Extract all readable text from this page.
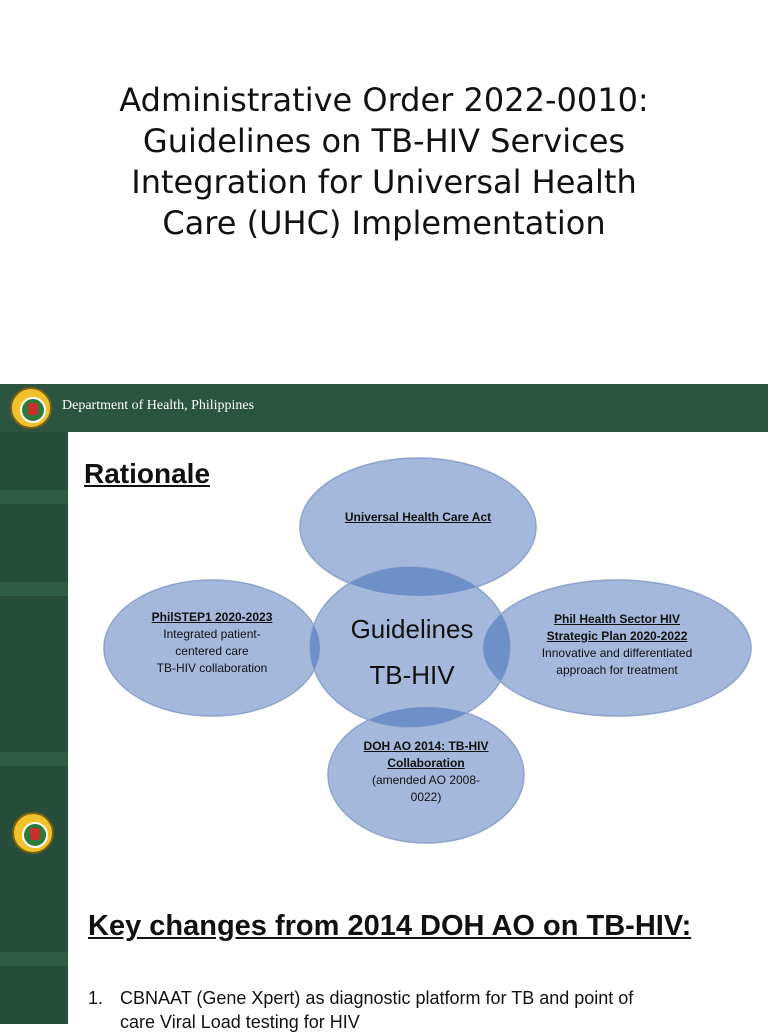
Administrative Order 2022-0010:
Guidelines on TB-HIV Services
Integration for Universal Health
Care (UHC) Implementation
Department of Health, Philippines
Rationale
Guidelines
TB-HIV
Universal Health Care Act
PhilSTEP1 2020-2023
Integrated patient-
centered care
TB-HIV collaboration
Phil Health Sector HIV
Strategic Plan 2020-2022
Innovative and differentiated
approach for treatment
DOH AO 2014: TB-HIV
Collaboration
(amended AO 2008-
0022)
Key changes from 2014 DOH AO on TB-HIV:
1. CBNAAT (Gene Xpert) as diagnostic platform for TB and point of
care Viral Load testing for HIV
